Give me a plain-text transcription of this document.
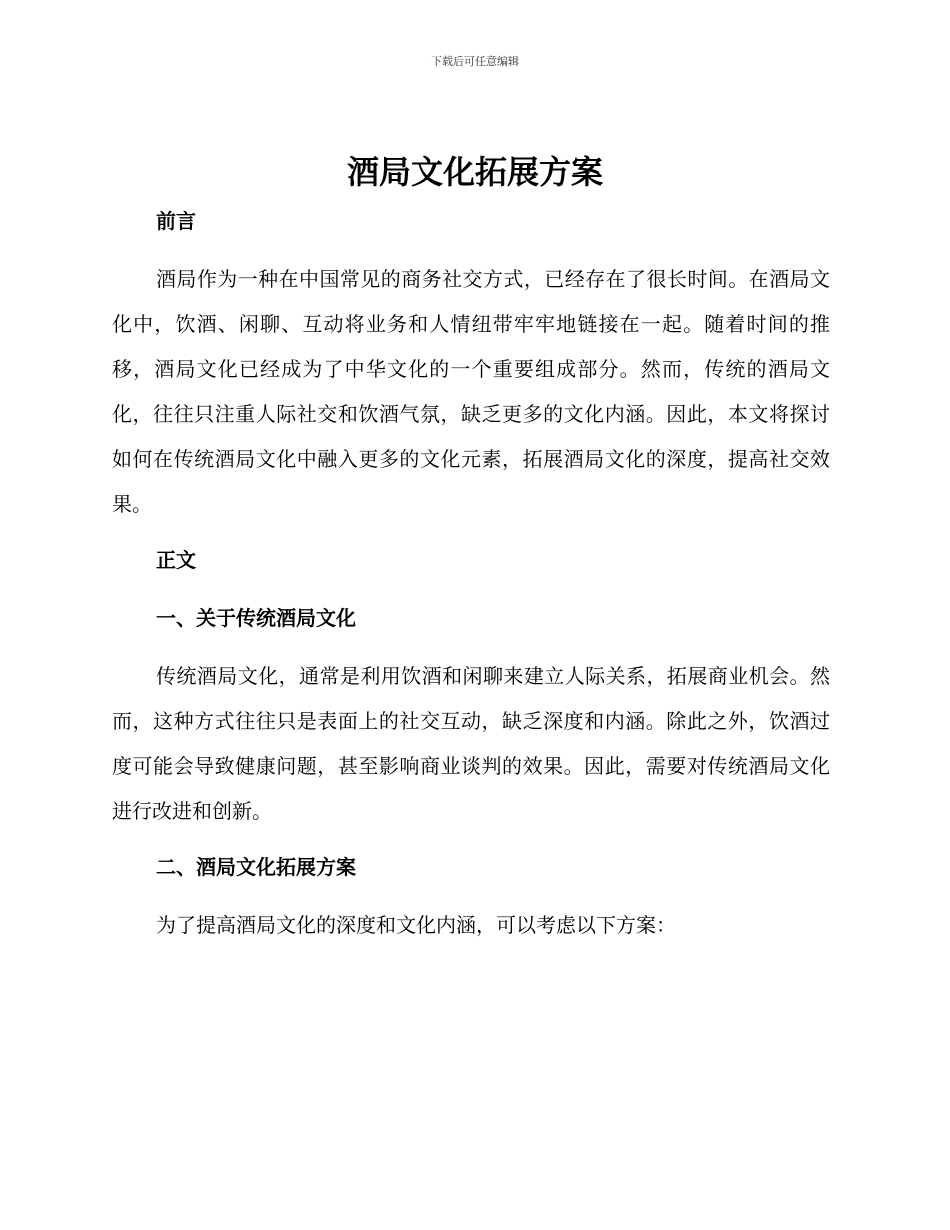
下载后可任意编辑
酒局文化拓展方案
前言

酒局作为一种在中国常见的商务社交方式，已经存在了很长时间。在酒局文化中，饮酒、闲聊、互动将业务和人情纽带牢牢地链接在一起。随着时间的推移，酒局文化已经成为了中华文化的一个重要组成部分。然而，传统的酒局文化，往往只注重人际社交和饮酒气氛，缺乏更多的文化内涵。因此，本文将探讨如何在传统酒局文化中融入更多的文化元素，拓展酒局文化的深度，提高社交效果。

正文
一、关于传统酒局文化

传统酒局文化，通常是利用饮酒和闲聊来建立人际关系，拓展商业机会。然而，这种方式往往只是表面上的社交互动，缺乏深度和内涵。除此之外，饮酒过度可能会导致健康问题，甚至影响商业谈判的效果。因此，需要对传统酒局文化进行改进和创新。

二、酒局文化拓展方案

为了提高酒局文化的深度和文化内涵，可以考虑以下方案：
